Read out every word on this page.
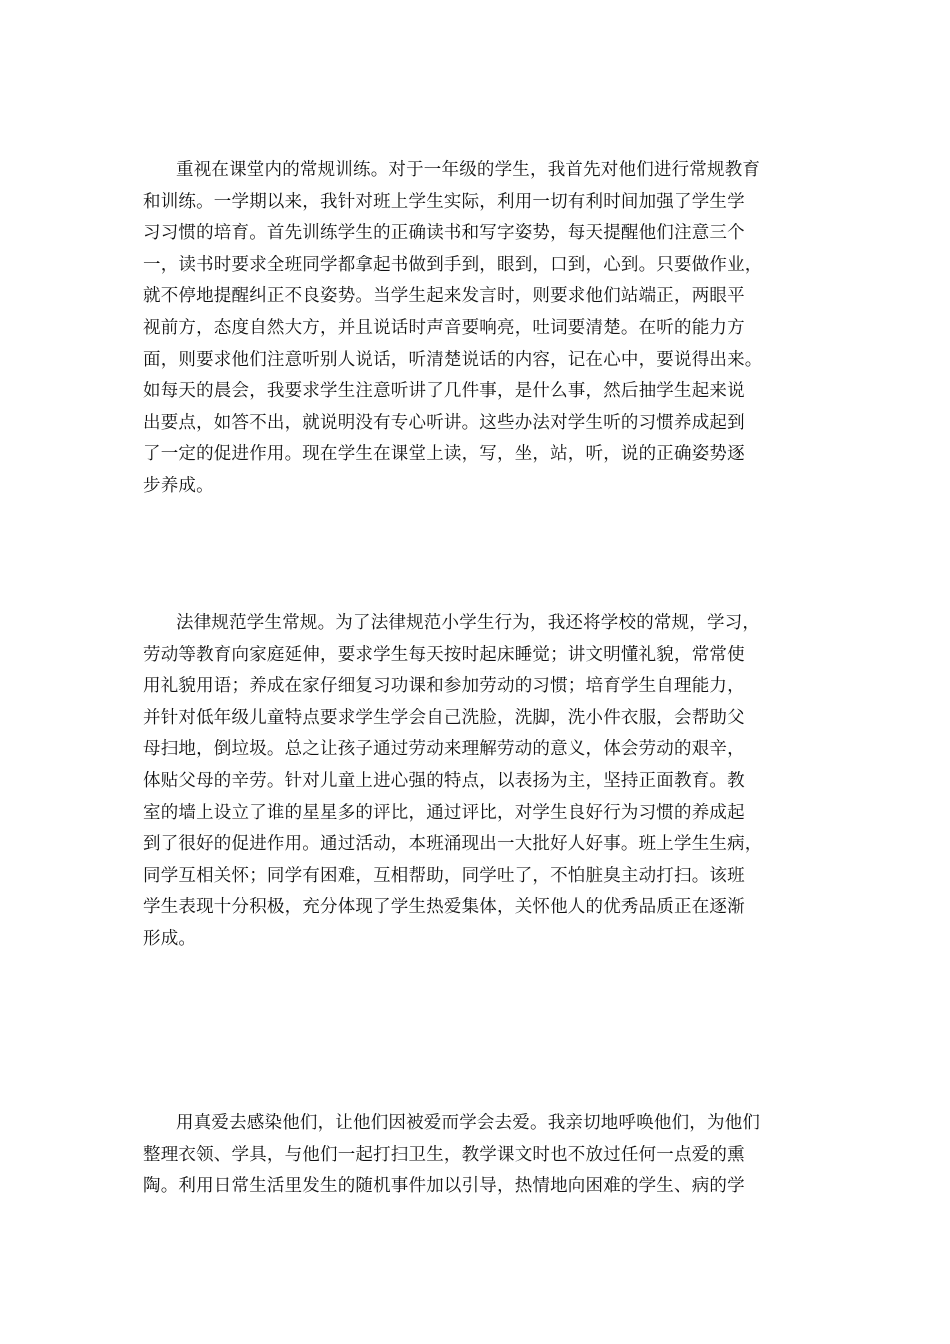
重视在课堂内的常规训练。对于一年级的学生，我首先对他们进行常规教育
和训练。一学期以来，我针对班上学生实际，利用一切有利时间加强了学生学
习习惯的培育。首先训练学生的正确读书和写字姿势，每天提醒他们注意三个
一，读书时要求全班同学都拿起书做到手到，眼到，口到，心到。只要做作业，
就不停地提醒纠正不良姿势。当学生起来发言时，则要求他们站端正，两眼平
视前方，态度自然大方，并且说话时声音要响亮，吐词要清楚。在听的能力方
面，则要求他们注意听别人说话，听清楚说话的内容，记在心中，要说得出来。
如每天的晨会，我要求学生注意听讲了几件事，是什么事，然后抽学生起来说
出要点，如答不出，就说明没有专心听讲。这些办法对学生听的习惯养成起到
了一定的促进作用。现在学生在课堂上读，写，坐，站，听，说的正确姿势逐
步养成。

法律规范学生常规。为了法律规范小学生行为，我还将学校的常规，学习，
劳动等教育向家庭延伸，要求学生每天按时起床睡觉；讲文明懂礼貌，常常使
用礼貌用语；养成在家仔细复习功课和参加劳动的习惯；培育学生自理能力，
并针对低年级儿童特点要求学生学会自己洗脸，洗脚，洗小件衣服，会帮助父
母扫地，倒垃圾。总之让孩子通过劳动来理解劳动的意义，体会劳动的艰辛，
体贴父母的辛劳。针对儿童上进心强的特点，以表扬为主，坚持正面教育。教
室的墙上设立了谁的星星多的评比，通过评比，对学生良好行为习惯的养成起
到了很好的促进作用。通过活动，本班涌现出一大批好人好事。班上学生生病，
同学互相关怀；同学有困难，互相帮助，同学吐了，不怕脏臭主动打扫。该班
学生表现十分积极，充分体现了学生热爱集体，关怀他人的优秀品质正在逐渐
形成。

用真爱去感染他们，让他们因被爱而学会去爱。我亲切地呼唤他们，为他们
整理衣领、学具，与他们一起打扫卫生，教学课文时也不放过任何一点爱的熏
陶。利用日常生活里发生的随机事件加以引导，热情地向困难的学生、病的学
